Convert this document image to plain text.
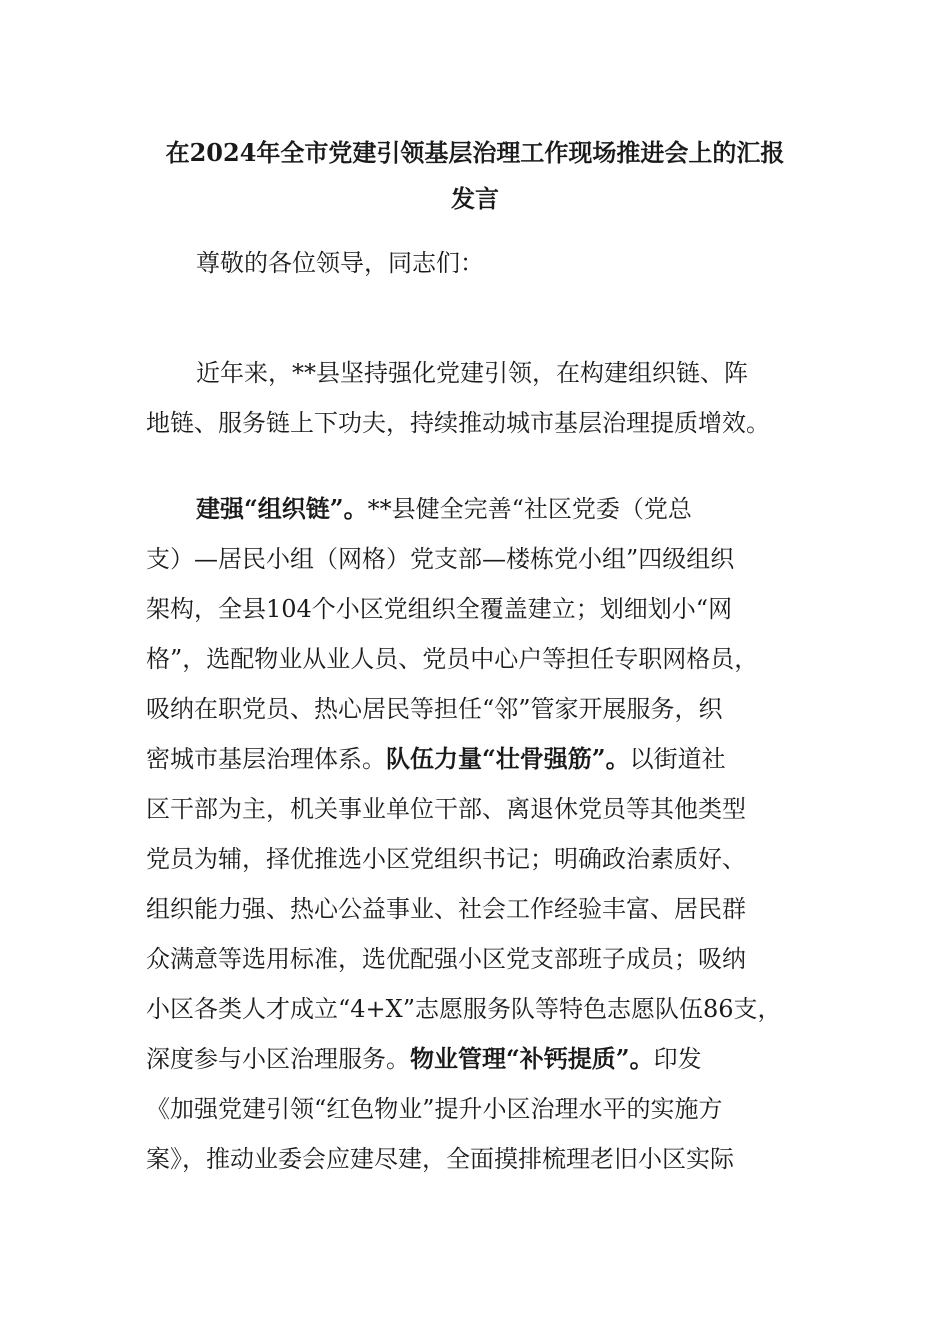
在2024年全市党建引领基层治理工作现场推进会上的汇报
发言
尊敬的各位领导，同志们：
近年来，**县坚持强化党建引领，在构建组织链、阵
地链、服务链上下功夫，持续推动城市基层治理提质增效。
建强“组织链”。**县健全完善“社区党委（党总
支）—居民小组（网格）党支部—楼栋党小组”四级组织
架构，全县104个小区党组织全覆盖建立；划细划小“网
格”，选配物业从业人员、党员中心户等担任专职网格员，
吸纳在职党员、热心居民等担任“邻”管家开展服务，织
密城市基层治理体系。队伍力量“壮骨强筋”。以街道社
区干部为主，机关事业单位干部、离退休党员等其他类型
党员为辅，择优推选小区党组织书记；明确政治素质好、
组织能力强、热心公益事业、社会工作经验丰富、居民群
众满意等选用标准，选优配强小区党支部班子成员；吸纳
小区各类人才成立“4+X”志愿服务队等特色志愿队伍86支，
深度参与小区治理服务。物业管理“补钙提质”。印发
《加强党建引领“红色物业”提升小区治理水平的实施方
案》，推动业委会应建尽建，全面摸排梳理老旧小区实际
